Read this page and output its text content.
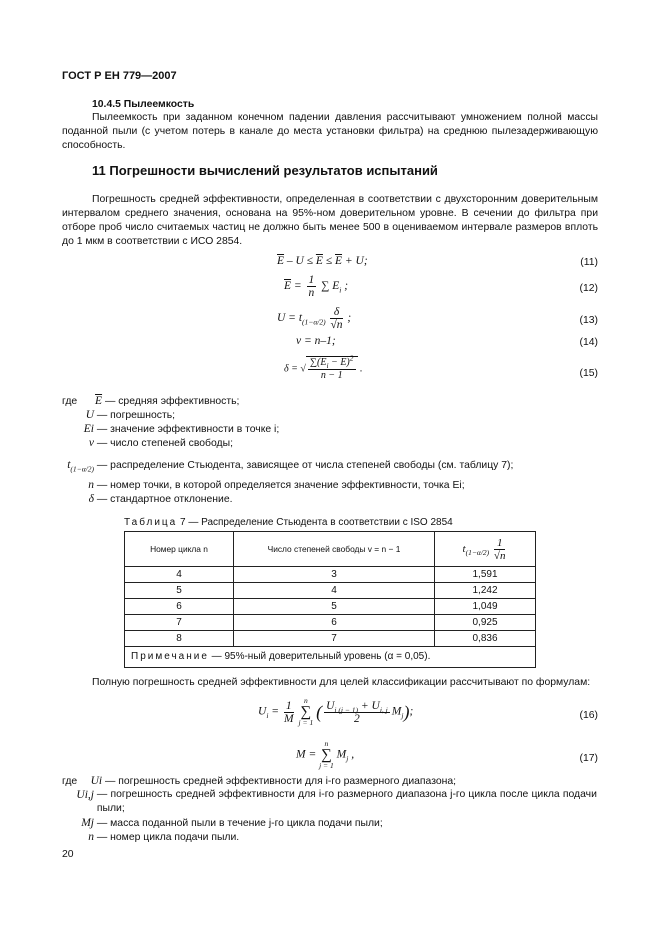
ГОСТ Р ЕН 779—2007
10.4.5 Пылеемкость
Пылеемкость при заданном конечном падении давления рассчитывают умножением полной массы поданной пыли (с учетом потерь в канале до места установки фильтра) на среднюю пылезадерживающую способность.
11 Погрешности вычислений результатов испытаний
Погрешность средней эффективности, определенная в соответствии с двухсторонним доверительным интервалом среднего значения, основана на 95%-ном доверительном уровне. В сечении до фильтра при отборе проб число считаемых частиц не должно быть менее 500 в оцениваемом интервале размеров вплоть до 1 мкм в соответствии с ИСО 2854.
$\overline{E} - U \le \overline{E} \le \overline{E} + U$;	(11)
$\overline{E} = \frac{1}{n}$ ∑ $E_i$ ;	(12)
$U = t_{(1-\alpha/2)} \frac{\delta}{√n}$ ;	(13)
v = n–1;	(14)
δ = √ $\frac{\sum(E_i - \overline{E})^2}{n - 1}$ .	(15)
где $\overline{E}$ — средняя эффективность;
U — погрешность;
Ei — значение эффективности в точке i;
v — число степеней свободы;
$t_{(1-\alpha/2)}$ — распределение Стьюдента, зависящее от числа степеней свободы (см. таблицу 7);
n — номер точки, в которой определяется значение эффективности, точка Ei;
δ — стандартное отклонение.
Таблица 7 — Распределение Стьюдента в соответствии с ISO 2854
Номер цикла n	Число степеней свободы v = n − 1	$t_{(1-\alpha/2)} \frac{1}{√n}$

4	3	1,591
5	4	1,242
6	5	1,049
7	6	0,925
8	7	0,836
Примечание — 95%-ный доверительный уровень (α = 0,05).		
Полную погрешность средней эффективности для целей классификации рассчитывают по формулам:
$U_i = \frac{1}{M}$ n
∑
j = 1 ( $\frac{U_{i (j - 1)} + U_{i, j}}{2} M_j$);	(16)
M = n
∑
j = 1 $M_j$ ,	(17)
где Ui — погрешность средней эффективности для i-го размерного диапазона;
Ui,j — погрешность средней эффективности для i-го размерного диапазона j-го цикла после цикла подачи пыли;
Mj — масса поданной пыли в течение j-го цикла подачи пыли;
n — номер цикла подачи пыли.
20
